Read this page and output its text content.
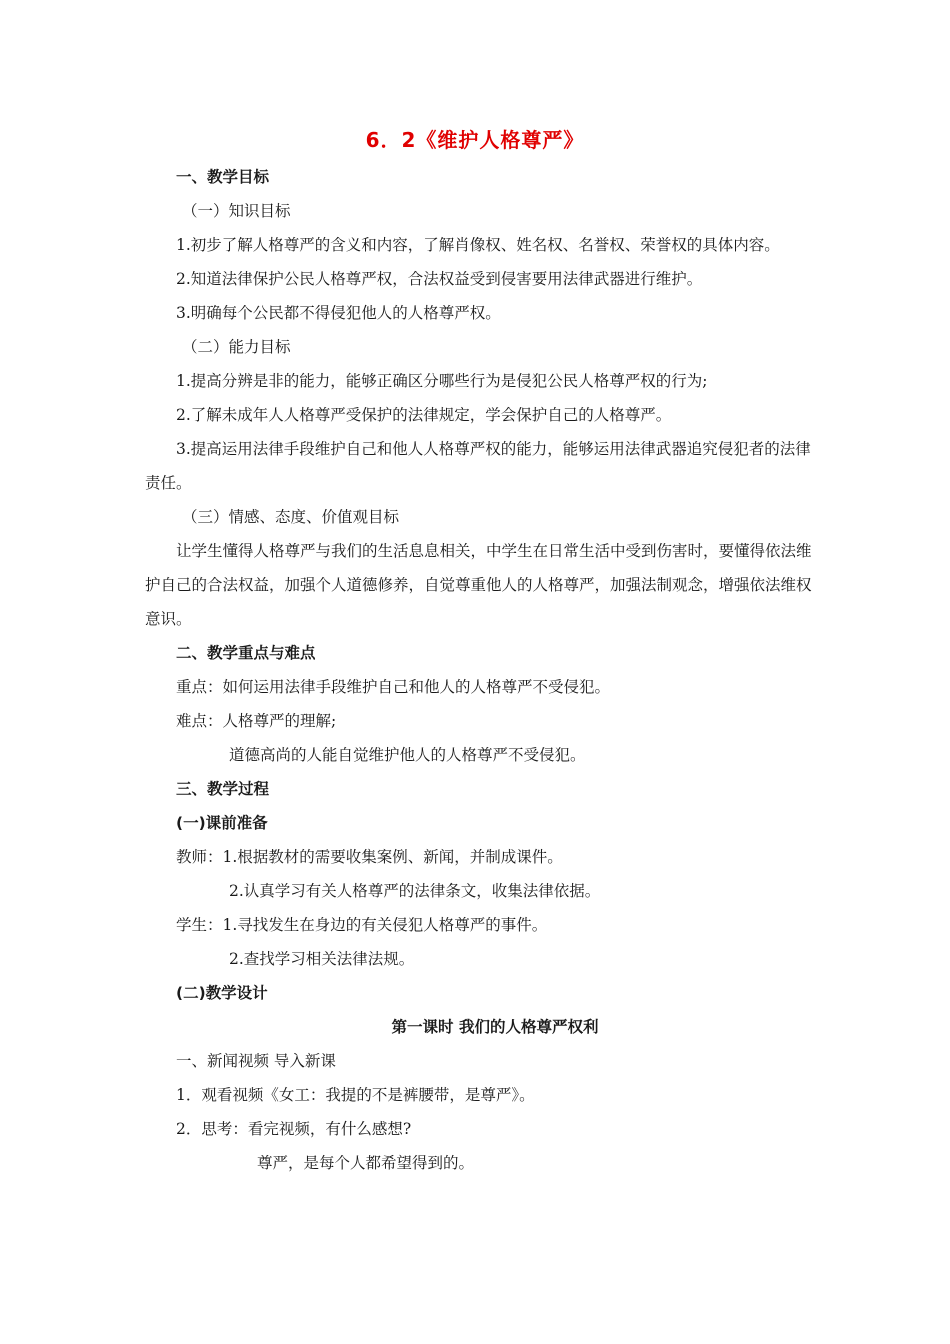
6．2《维护人格尊严》

一、教学目标

（一）知识目标

1.初步了解人格尊严的含义和内容，了解肖像权、姓名权、名誉权、荣誉权的具体内容。

2.知道法律保护公民人格尊严权，合法权益受到侵害要用法律武器进行维护。

3.明确每个公民都不得侵犯他人的人格尊严权。

（二）能力目标

1.提高分辨是非的能力，能够正确区分哪些行为是侵犯公民人格尊严权的行为;

2.了解未成年人人格尊严受保护的法律规定，学会保护自己的人格尊严。

3.提高运用法律手段维护自己和他人人格尊严权的能力，能够运用法律武器追究侵犯者的法律责任。

（三）情感、态度、价值观目标

让学生懂得人格尊严与我们的生活息息相关，中学生在日常生活中受到伤害时，要懂得依法维护自己的合法权益，加强个人道德修养，自觉尊重他人的人格尊严，加强法制观念，增强依法维权意识。

二、教学重点与难点

重点：如何运用法律手段维护自己和他人的人格尊严不受侵犯。

难点：人格尊严的理解;

道德高尚的人能自觉维护他人的人格尊严不受侵犯。

三、教学过程

(一)课前准备

教师：1.根据教材的需要收集案例、新闻，并制成课件。

2.认真学习有关人格尊严的法律条文，收集法律依据。

学生：1.寻找发生在身边的有关侵犯人格尊严的事件。

2.查找学习相关法律法规。

(二)教学设计

第一课时 我们的人格尊严权利

一、新闻视频 导入新课

1．观看视频《女工：我提的不是裤腰带，是尊严》。

2．思考：看完视频，有什么感想?

尊严，是每个人都希望得到的。
